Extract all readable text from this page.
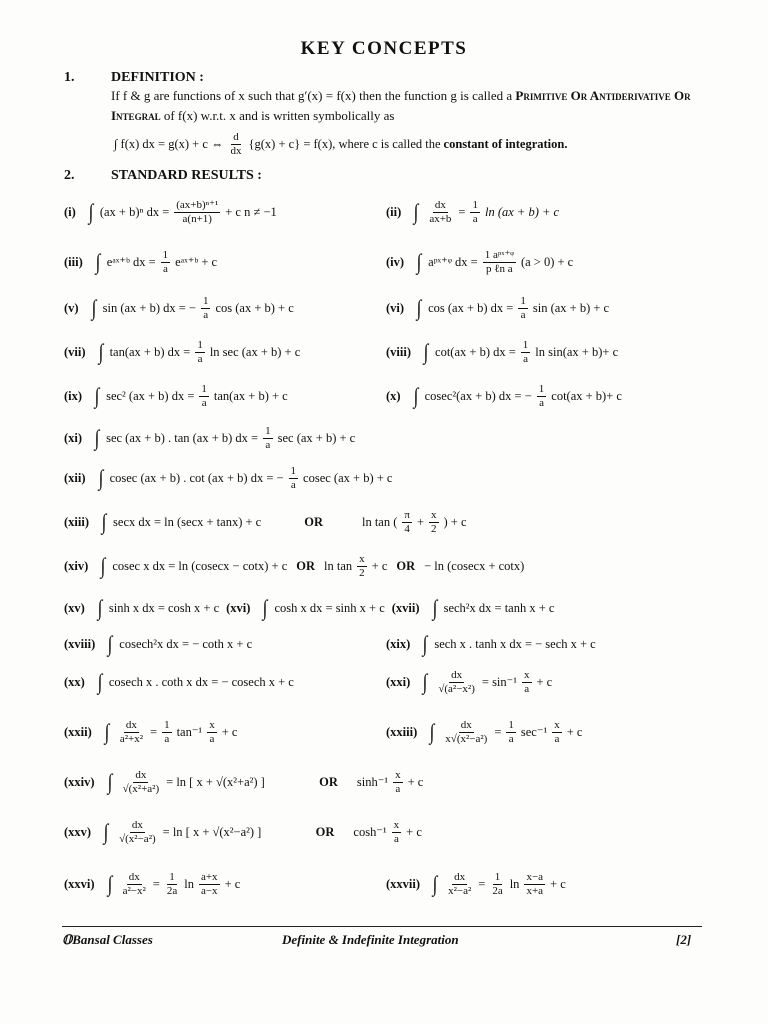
KEY CONCEPTS
1.	DEFINITION :
If f & g are functions of x such that g′(x) = f(x) then the function g is called a Primitive Or Antiderivative Or Integral of f(x) w.r.t. x and is written symbolically as
∫ f(x) dx = g(x) + c ⇔ $\frac{d}{dx} \{g(x) + c\} = f(x)$, where c is called the constant of integration.
2.	STANDARD RESULTS :
(i) ∫ (ax + b)ⁿ dx = $\frac{\text{(ax+b)ⁿ⁺¹}}{a(n+1)} + c$ n ≠ −1	(ii) ∫ $\frac{dx}{ax+b} = \frac{1}{a}$ ln (ax + b) + c
(iii) ∫ eᵃˣ⁺ᵇ dx = $\frac{1}{a}$ eᵃˣ⁺ᵇ + c	(iv) ∫ aᵖˣ⁺ᵠ dx = $\frac{\text{1 aᵖˣ⁺ᵠ}}{\text{p ℓn a}} (a > 0) + c$
(v) ∫ sin (ax + b) dx = − $\frac{1}{a}$ cos (ax + b) + c	(vi) ∫ cos (ax + b) dx = $\frac{1}{a}$ sin (ax + b) + c
(vii) ∫ tan(ax + b) dx = $\frac{1}{a}$ ln sec (ax + b) + c	(viii) ∫ cot(ax + b) dx = $\frac{1}{a}$ ln sin(ax + b)+ c
(ix) ∫ sec² (ax + b) dx = $\frac{1}{a} \tan(ax + b) + c$	(x) ∫ cosec²(ax + b) dx = − $\frac{1}{a} \cot(ax + b)+ c$
(xi) ∫ sec (ax + b) . tan (ax + b) dx = $\frac{1}{a}$ sec (ax + b) + c
(xii) ∫ cosec (ax + b) . cot (ax + b) dx = − $\frac{1}{a}$ cosec (ax + b) + c
(xiii) ∫ secx dx = ln (secx + tanx) + c	OR	ln tan ( $\frac{\pi}{4} + \frac{x}{2}$ ) + c
(xiv) ∫ cosec x dx = ln (cosecx − cotx) + c OR $\ln \tan \frac{x}{2} + c$ OR − ln (cosecx + cotx)
(xv) ∫ sinh x dx = cosh x + c (xvi) ∫ cosh x dx = sinh x + c (xvii) ∫ sech²x dx = tanh x + c
(xviii) ∫ cosech²x dx = − coth x + c	(xix) ∫ sech x . tanh x dx = − sech x + c
(xx) ∫ cosech x . coth x dx = − cosech x + c	(xxi) ∫ $\frac{dx}{\text{√(a²−x²)}} = \sin^{-1} \frac{x}{a} + c$
(xxii) ∫ $\frac{dx}{\text{a²+x²}} = \frac{1}{a} \tan^{-1} \frac{x}{a} + c$	(xxiii) ∫ $\frac{dx}{\text{x√(x²−a²)}} = \frac{1}{a} \sec^{-1} \frac{x}{a} + c$
(xxiv) ∫ $\frac{dx}{\text{√(x²+a²)}} = \ln$ [ x + √(x²+a²) ]	OR $\sinh^{-1} \frac{x}{a} + c$
(xxv) ∫ $\frac{dx}{\text{√(x²−a²)}} = \ln$ [ x + √(x²−a²) ]	OR $\cosh^{-1} \frac{x}{a} + c$
(xxvi) ∫ $\frac{dx}{\text{a²−x²}} = \frac{1}{2a}$ $\ln \frac{a+x}{a-x} + c$	(xxvii) ∫ $\frac{dx}{\text{x²−a²}} = \frac{1}{2a}$ $\ln \frac{x-a}{x+a} + c$
𝕆Bansal Classes	Definite & Indefinite Integration	[2]
